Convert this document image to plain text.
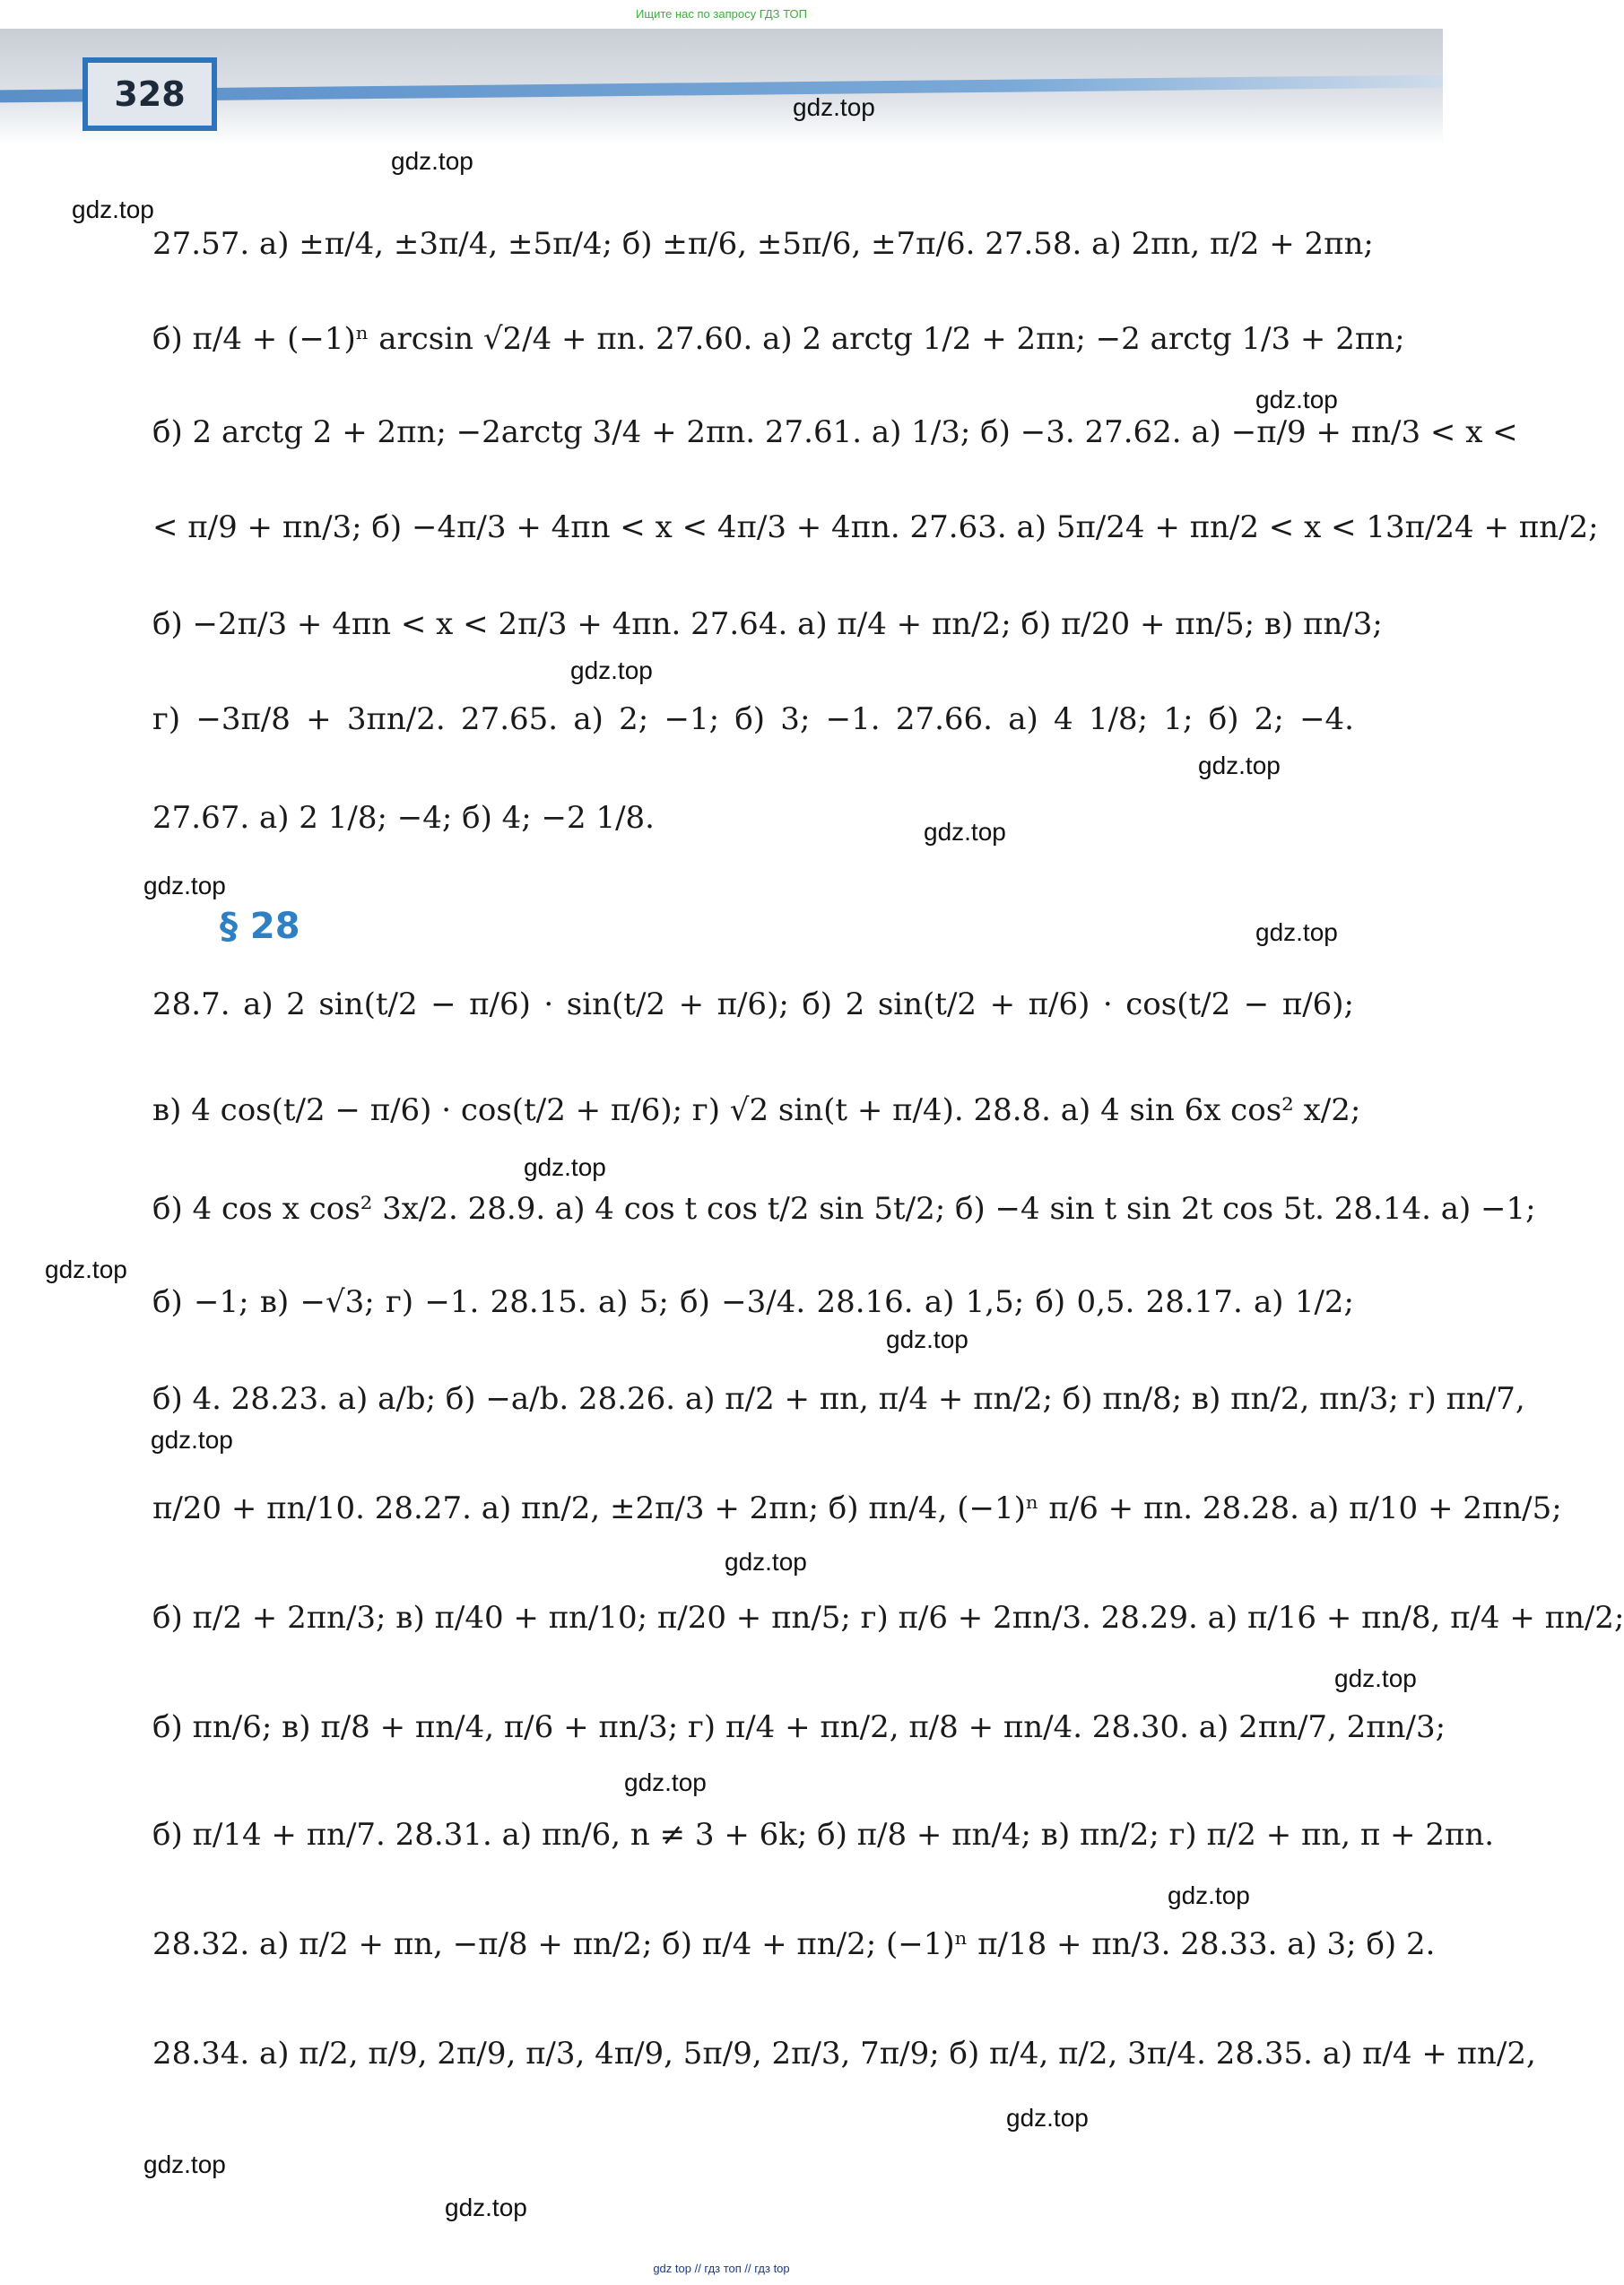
Ищите нас по запросу ГДЗ ТОП
328	gdz.top
gdz.top
gdz.top
gdz.top
gdz.top
gdz.top
gdz.top
gdz.top
gdz.top
gdz.top
gdz.top
gdz.top
gdz.top
gdz.top
gdz.top
gdz.top
gdz.top
gdz.top
gdz.top
gdz.top
§ 28
27.57. а) ±π/4, ±3π/4, ±5π/4; б) ±π/6, ±5π/6, ±7π/6. 27.58. а) 2πn, π/2 + 2πn;
б) π/4 + (−1)ⁿ arcsin √2/4 + πn. 27.60. а) 2 arctg 1/2 + 2πn; −2 arctg 1/3 + 2πn;
б) 2 arctg 2 + 2πn; −2arctg 3/4 + 2πn. 27.61. а) 1/3; б) −3. 27.62. а) −π/9 + πn/3 < x <
< π/9 + πn/3; б) −4π/3 + 4πn < x < 4π/3 + 4πn. 27.63. а) 5π/24 + πn/2 < x < 13π/24 + πn/2;
б) −2π/3 + 4πn < x < 2π/3 + 4πn. 27.64. а) π/4 + πn/2; б) π/20 + πn/5; в) πn/3;
г) −3π/8 + 3πn/2. 27.65. а) 2; −1; б) 3; −1. 27.66. а) 4 1/8; 1; б) 2; −4.
27.67. а) 2 1/8; −4; б) 4; −2 1/8.
28.7. а) 2 sin(t/2 − π/6) · sin(t/2 + π/6); б) 2 sin(t/2 + π/6) · cos(t/2 − π/6);
в) 4 cos(t/2 − π/6) · cos(t/2 + π/6); г) √2 sin(t + π/4). 28.8. а) 4 sin 6x cos² x/2;
б) 4 cos x cos² 3x/2. 28.9. а) 4 cos t cos t/2 sin 5t/2; б) −4 sin t sin 2t cos 5t. 28.14. а) −1;
б) −1; в) −√3; г) −1. 28.15. а) 5; б) −3/4. 28.16. а) 1,5; б) 0,5. 28.17. а) 1/2;
б) 4. 28.23. а) a/b; б) −a/b. 28.26. а) π/2 + πn, π/4 + πn/2; б) πn/8; в) πn/2, πn/3; г) πn/7,
π/20 + πn/10. 28.27. а) πn/2, ±2π/3 + 2πn; б) πn/4, (−1)ⁿ π/6 + πn. 28.28. а) π/10 + 2πn/5;
б) π/2 + 2πn/3; в) π/40 + πn/10; π/20 + πn/5; г) π/6 + 2πn/3. 28.29. а) π/16 + πn/8, π/4 + πn/2;
б) πn/6; в) π/8 + πn/4, π/6 + πn/3; г) π/4 + πn/2, π/8 + πn/4. 28.30. а) 2πn/7, 2πn/3;
б) π/14 + πn/7. 28.31. а) πn/6, n ≠ 3 + 6k; б) π/8 + πn/4; в) πn/2; г) π/2 + πn, π + 2πn.
28.32. а) π/2 + πn, −π/8 + πn/2; б) π/4 + πn/2; (−1)ⁿ π/18 + πn/3. 28.33. а) 3; б) 2.
28.34. а) π/2, π/9, 2π/9, π/3, 4π/9, 5π/9, 2π/3, 7π/9; б) π/4, π/2, 3π/4. 28.35. а) π/4 + πn/2,
gdz top // гдз топ // гдз top
